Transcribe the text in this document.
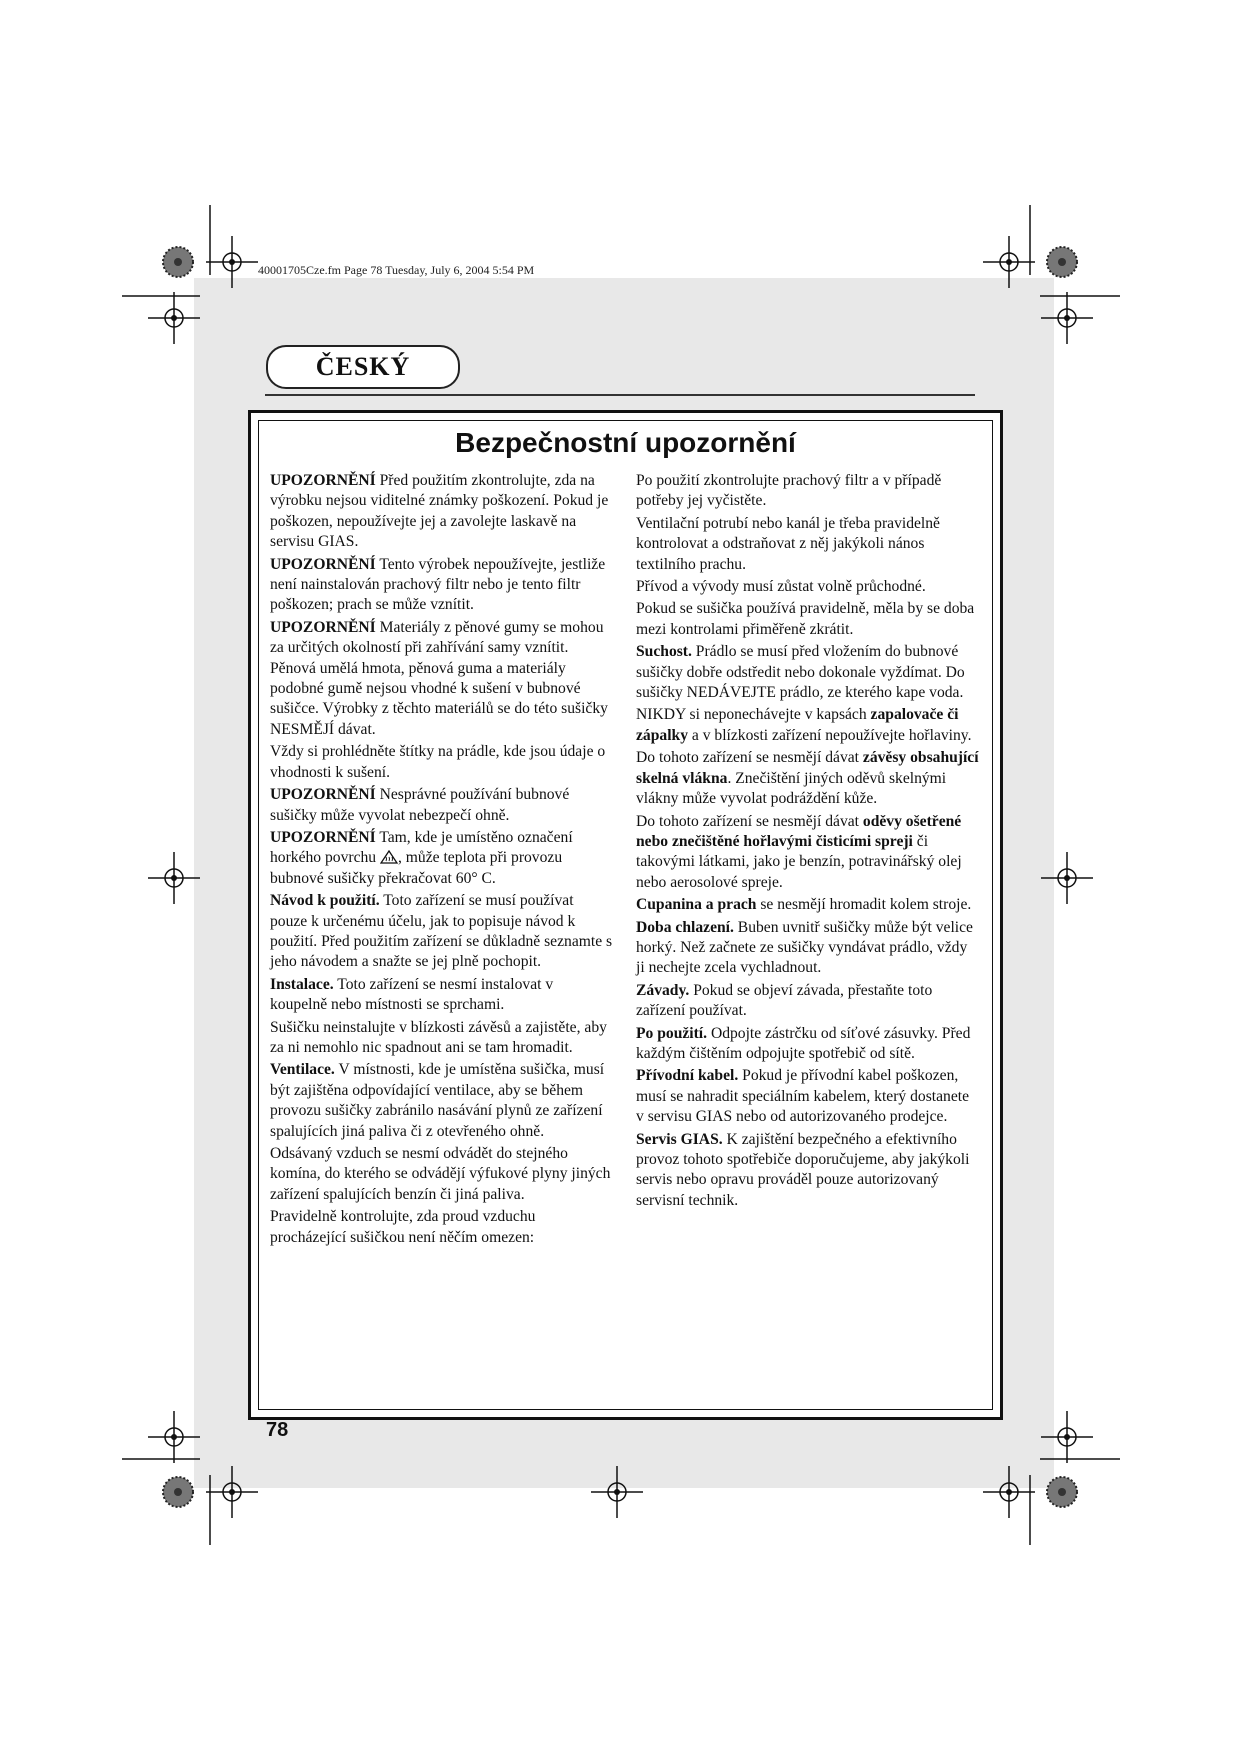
40001705Cze.fm Page 78 Tuesday, July 6, 2004 5:54 PM
ČESKÝ
Bezpečnostní upozornění

UPOZORNĚNÍ Před použitím zkontrolujte, zda na výrobku nejsou viditelné známky poškození. Pokud je poškozen, nepoužívejte jej a zavolejte laskavě na servisu GIAS.

UPOZORNĚNÍ Tento výrobek nepoužívejte, jestliže není nainstalován prachový filtr nebo je tento filtr poškozen; prach se může vznítit.

UPOZORNĚNÍ Materiály z pěnové gumy se mohou za určitých okolností při zahřívání samy vznítit. Pěnová umělá hmota, pěnová guma a materiály podobné gumě nejsou vhodné k sušení v bubnové sušičce. Výrobky z těchto materiálů se do této sušičky NESMĚJÍ dávat.

Vždy si prohlédněte štítky na prádle, kde jsou údaje o vhodnosti k sušení.

UPOZORNĚNÍ Nesprávné používání bubnové sušičky může vyvolat nebezpečí ohně.

UPOZORNĚNÍ Tam, kde je umístěno označení horkého povrchu , může teplota při provozu bubnové sušičky překračovat 60° C.

Návod k použití. Toto zařízení se musí používat pouze k určenému účelu, jak to popisuje návod k použití. Před použitím zařízení se důkladně seznamte s jeho návodem a snažte se jej plně pochopit.

Instalace. Toto zařízení se nesmí instalovat v koupelně nebo místnosti se sprchami.

Sušičku neinstalujte v blízkosti závěsů a zajistěte, aby za ni nemohlo nic spadnout ani se tam hromadit.

Ventilace. V místnosti, kde je umístěna sušička, musí být zajištěna odpovídající ventilace, aby se během provozu sušičky zabránilo nasávání plynů ze zařízení spalujících jiná paliva či z otevřeného ohně.

Odsávaný vzduch se nesmí odvádět do stejného komína, do kterého se odvádějí výfukové plyny jiných zařízení spalujících benzín či jiná paliva.

Pravidelně kontrolujte, zda proud vzduchu procházející sušičkou není něčím omezen:

Po použití zkontrolujte prachový filtr a v případě potřeby jej vyčistěte.

Ventilační potrubí nebo kanál je třeba pravidelně kontrolovat a odstraňovat z něj jakýkoli nános textilního prachu.

Přívod a vývody musí zůstat volně průchodné.

Pokud se sušička používá pravidelně, měla by se doba mezi kontrolami přiměřeně zkrátit.

Suchost. Prádlo se musí před vložením do bubnové sušičky dobře odstředit nebo dokonale vyždímat. Do sušičky NEDÁVEJTE prádlo, ze kterého kape voda.

NIKDY si neponechávejte v kapsách zapalovače či zápalky a v blízkosti zařízení nepoužívejte hořlaviny.

Do tohoto zařízení se nesmějí dávat závěsy obsahující skelná vlákna. Znečištění jiných oděvů skelnými vlákny může vyvolat podráždění kůže.

Do tohoto zařízení se nesmějí dávat oděvy ošetřené nebo znečištěné hořlavými čisticími spreji či takovými látkami, jako je benzín, potravinářský olej nebo aerosolové spreje.

Cupanina a prach se nesmějí hromadit kolem stroje.

Doba chlazení. Buben uvnitř sušičky může být velice horký. Než začnete ze sušičky vyndávat prádlo, vždy ji nechejte zcela vychladnout.

Závady. Pokud se objeví závada, přestaňte toto zařízení používat.

Po použití. Odpojte zástrčku od síťové zásuvky. Před každým čištěním odpojujte spotřebič od sítě.

Přívodní kabel. Pokud je přívodní kabel poškozen, musí se nahradit speciálním kabelem, který dostanete v servisu GIAS nebo od autorizovaného prodejce.

Servis GIAS. K zajištění bezpečného a efektivního provoz tohoto spotřebiče doporučujeme, aby jakýkoli servis nebo opravu prováděl pouze autorizovaný servisní technik.

78
